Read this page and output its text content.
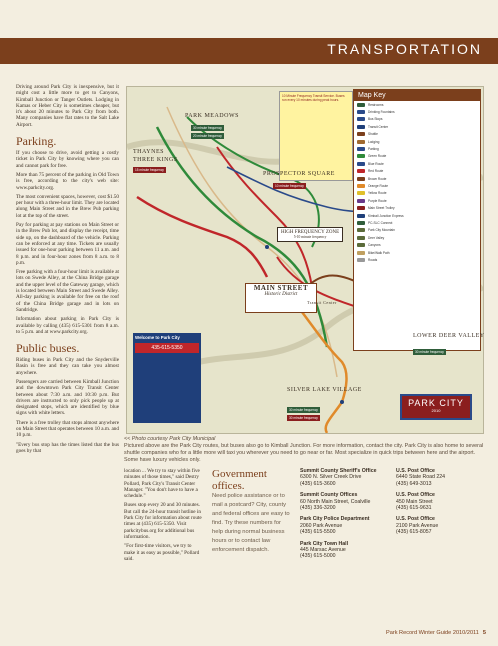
TRANSPORTATION

Driving around Park City is inexpensive, but it might cost a little more to get to Canyons, Kimball Junction or Tanger Outlets. Lodging in Kamas or Heber City is sometimes cheaper, but it's about 20 minutes to Park City from both. Many companies have flat rates to the Salt Lake Airport.

Parking.

If you choose to drive, avoid getting a costly ticket in Park City by knowing where you can and cannot park for free.

More than 75 percent of the parking in Old Town is free, according to the city's web site: www.parkcity.org.

The most convenient spaces, however, cost $1.50 per hour with a three-hour limit. They are located along Main Street and in the Brew Pub parking lot at the top of the street.

Pay for parking at pay stations on Main Street or in the Brew Pub lot, and display the receipt, time side up, on the dashboard of the vehicle. Parking can be enforced at any time. Tickets are usually issued for one-hour parking between 11 a.m. and 8 p.m. and in four-hour zones from 8 a.m. to 8 p.m.

Free parking with a four-hour limit is available at lots on Swede Alley, at the China Bridge garage and the upper level of the Gateway garage, which is located between Main Street and Swede Alley. All-day parking is available for free on the roof of the China Bridge garage and in lots on Sandridge.

Information about parking in Park City is available by calling (435) 615-5301 from 8 a.m. to 5 p.m. and at www.parkcity.org.

Public buses.

Riding buses in Park City and the Snyderville Basin is free and they can take you almost anywhere.

Passengers are carried between Kimball Junction and the downtown Park City Transit Center between about 7:30 a.m. and 10:30 p.m. But drivers are instructed to only pick people up at designated stops, which are identified by blue signs with white letters.

There is a free trolley that stops almost anywhere on Main Street that operates between 10 a.m. and 10 p.m.

"Every bus stop has the times listed that the bus goes by that

10 Minute Frequency Transit Service. Buses run every 10 minutes during peak hours.
Map Key
Restrooms
Drinking Fountains
Bus Stops
Transit Center
Shuttle
Lodging
Parking
Green Route
Blue Route
Red Route
Brown Route
Orange Route
Yellow Route
Purple Route
Main Street Trolley
Kimball Junction Express
PC-SLC Connect
Park City Mountain
Deer Valley
Canyons
Bike/Walk Path
Roads
PARK MEADOWS
THAYNES
THREE KINGS
PROSPECTOR SQUARE
HIGH FREQUENCY ZONE
5-10 minute frequency
MAIN STREET
Historic District
Transit Center
LOWER DEER VALLEY
SILVER LAKE VILLAGE
30 minute frequency
20 minute frequency
15 minute frequency
10 minute frequency
30 minute frequency
30 minute frequency
30 minute frequency
Welcome to Park City
435-615-5350
PARK CITY
2010
<< Photo courtesy Park City Municipal
Pictured above are the Park City routes, but buses also go to Kimball Junction. For more information, contact the city. Park City is also home to several shuttle companies who for a little more will taxi you wherever you need to go near or far. Most specialize in quick trips between here and the airport. Some have luxury vehicles only.

location ... We try to stay within five minutes of those times," said Destry Pollard, Park City's Transit Center Manager. "You don't have to have a schedule."

Buses stop every 20 and 30 minutes. But call the 24-hour transit hotline in Park City for information about route times at (435) 615-5350. Visit parkcitybus.org for additional bus information.

"For first-time visitors, we try to make it as easy as possible," Pollard said.

Government offices.
Need police assistance or to mail a postcard? City, county and federal offices are easy to find. Try these numbers for help during normal business hours or to contact law enforcement dispatch.
Summit County Sheriff's Office
6300 N. Silver Creek Drive
(435) 615-3600
Summit County Offices
60 North Main Street, Coalville
(435) 336-3200
Park City Police Department
2060 Park Avenue
(435) 615-5500
Park City Town Hall
445 Marsac Avenue
(435) 615-5000
U.S. Post Office
6440 State Road 224
(435) 649-3013
U.S. Post Office
450 Main Street
(435) 615-9631
U.S. Post Office
2100 Park Avenue
(435) 615-8057
Park Record Winter Guide 2010/2011 5
